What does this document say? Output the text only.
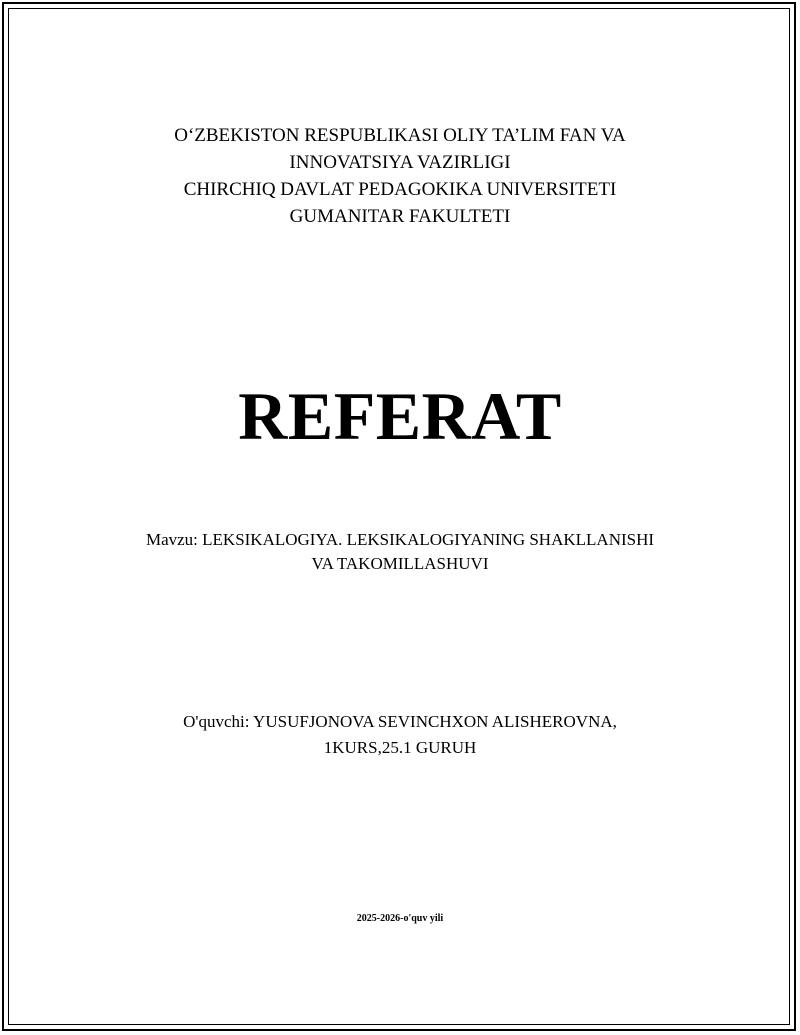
O‘ZBEKISTON RESPUBLIKASI OLIY TA’LIM FAN VA
INNOVATSIYA VAZIRLIGI
CHIRCHIQ DAVLAT PEDAGOKIKA UNIVERSITETI
GUMANITAR FAKULTETI
REFERAT
Mavzu: LEKSIKALOGIYA. LEKSIKALOGIYANING SHAKLLANISHI
VA TAKOMILLASHUVI
O'quvchi: YUSUFJONOVA SEVINCHXON ALISHEROVNA,
1KURS,25.1 GURUH
2025-2026-o'quv yili
